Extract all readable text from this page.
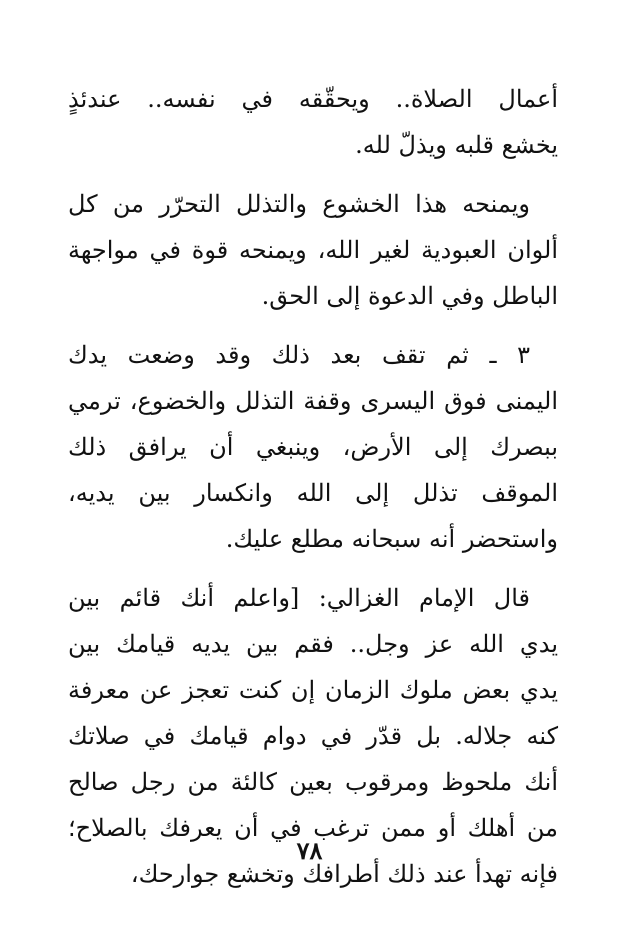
أعمال الصلاة.. ويحقّقه في نفسه.. عندئذٍ
يخشع قلبه ويذلّ لله.

ويمنحه هذا الخشوع والتذلل التحرّر من كل
ألوان العبودية لغير الله، ويمنحه قوة في مواجهة
الباطل وفي الدعوة إلى الحق.

٣ ـ ثم تقف بعد ذلك وقد وضعت يدك
اليمنى فوق اليسرى وقفة التذلل والخضوع، ترمي
ببصرك إلى الأرض، وينبغي أن يرافق ذلك
الموقف تذلل إلى الله وانكسار بين يديه،
واستحضر أنه سبحانه مطلع عليك.

قال الإمام الغزالي: [واعلم أنك قائم بين
يدي الله عز وجل.. فقم بين يديه قيامك بين
يدي بعض ملوك الزمان إن كنت تعجز عن معرفة
كنه جلاله. بل قدّر في دوام قيامك في صلاتك
أنك ملحوظ ومرقوب بعين كالئة من رجل صالح
من أهلك أو ممن ترغب في أن يعرفك بالصلاح؛
فإنه تهدأ عند ذلك أطرافك وتخشع جوارحك،

٧٨
